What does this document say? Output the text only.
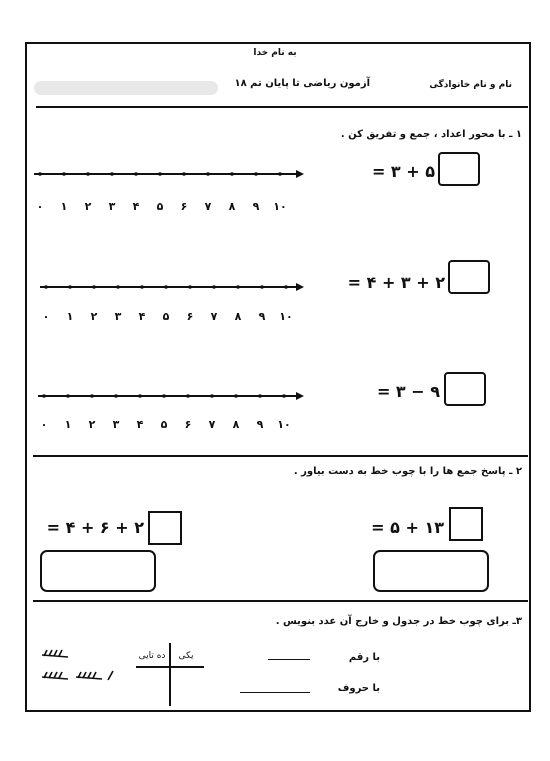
به نام خدا
نام و نام خانوادگی
آزمون ریاضی تا پایان تم ۱۸
۱ ـ با محور اعداد ، جمع و تفریق کن .
۰ ۱ ۲ ۳ ۴ ۵ ۶ ۷ ۸ ۹ ۱۰
۰ ۱ ۲ ۳ ۴ ۵ ۶ ۷ ۸ ۹ ۱۰
۰ ۱ ۲ ۳ ۴ ۵ ۶ ۷ ۸ ۹ ۱۰
۵ + ۳ =
۲ + ۳ + ۴ =
۹ − ۳ =
۲ ـ پاسخ جمع ها را با چوب خط به دست بیاور .
۲ + ۶ + ۴ =	۱۳ + ۵ =
۳ـ برای چوب خط در جدول و خارج آن عدد بنویس .
یکی
ده تایی	با رقم
با حروف
